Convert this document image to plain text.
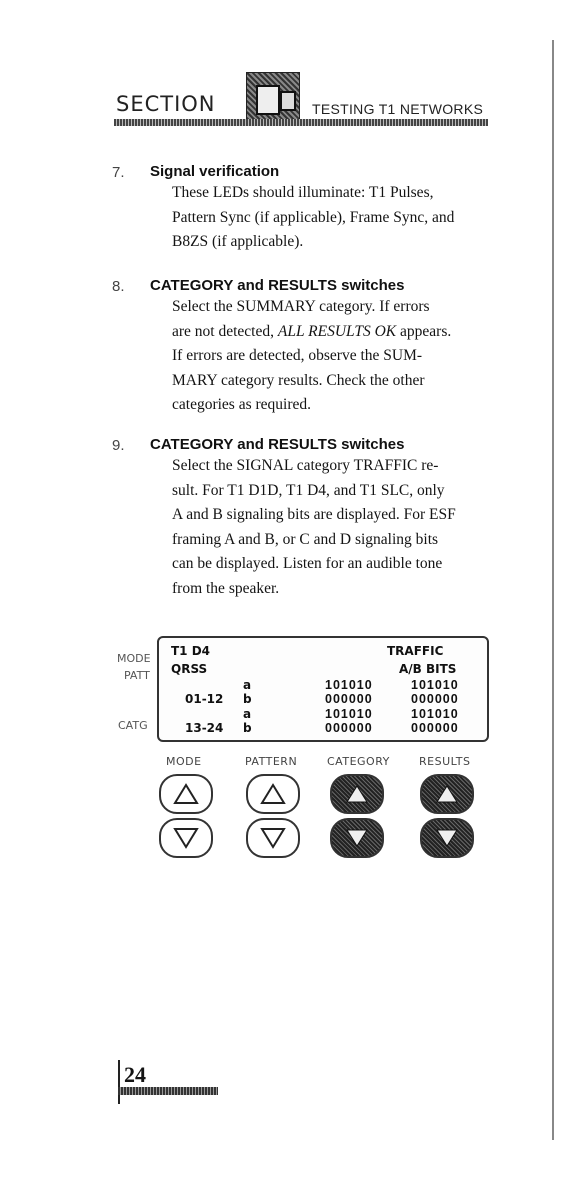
SECTION	TESTING T1 NETWORKS
7. Signal verification
These LEDs should illuminate: T1 Pulses,
Pattern Sync (if applicable), Frame Sync, and
B8ZS (if applicable).
8. CATEGORY and RESULTS switches
Select the SUMMARY category. If errors
are not detected, ALL RESULTS OK appears.
If errors are detected, observe the SUM-
MARY category results. Check the other
categories as required.
9. CATEGORY and RESULTS switches
Select the SIGNAL category TRAFFIC re-
sult. For T1 D1D, T1 D4, and T1 SLC, only
A and B signaling bits are displayed. For ESF
framing A and B, or C and D signaling bits
can be displayed. Listen for an audible tone
from the speaker.
MODE
PATT
CATG
T1 D4
QRSS
TRAFFIC
A/B BITS
a	101010	101010
01-12 b	000000	000000
a	101010	101010
13-24 b	000000	000000
MODE	PATTERN	CATEGORY	RESULTS
24
